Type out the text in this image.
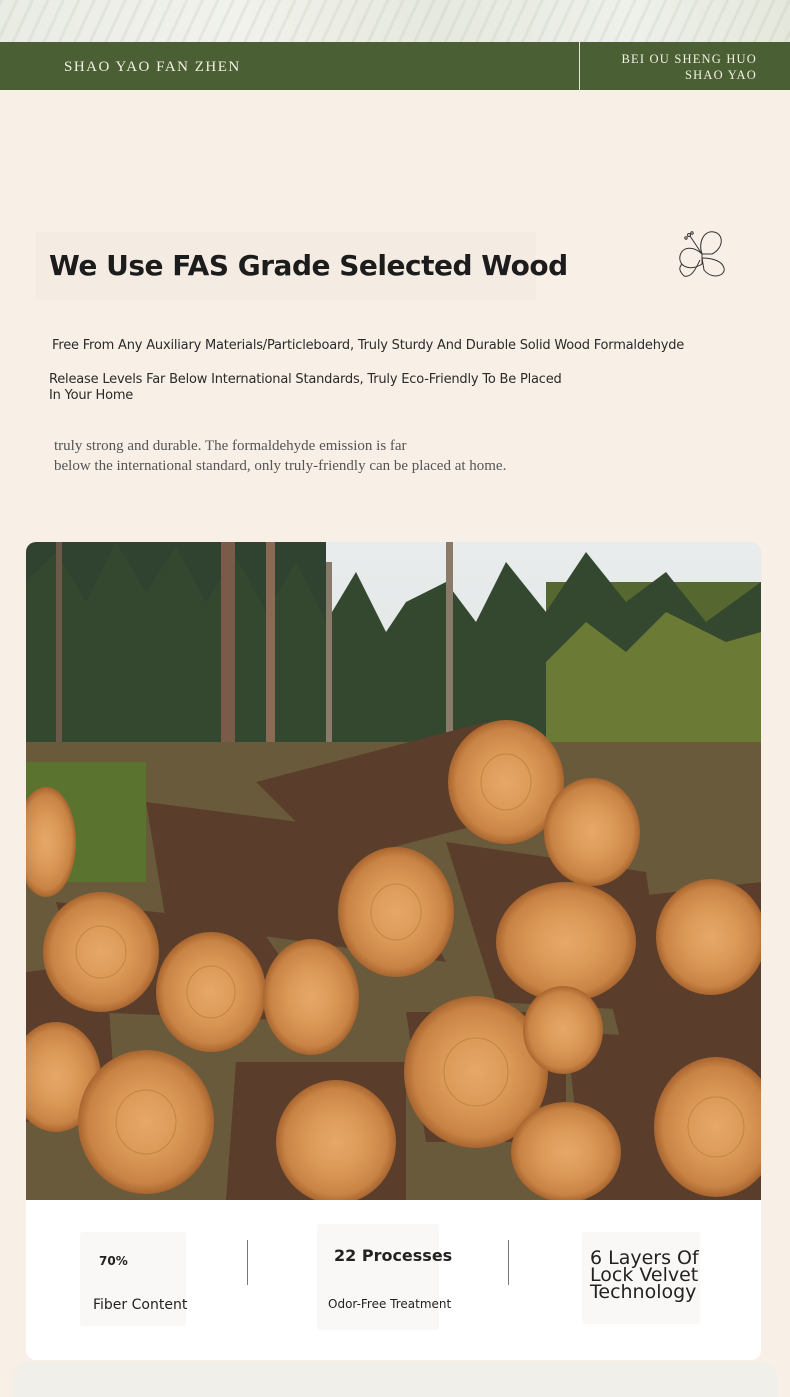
SHAO YAO FAN ZHEN	BEI OU SHENG HUO
SHAO YAO
We Use FAS Grade Selected Wood

Free From Any Auxiliary Materials/Particleboard, Truly Sturdy And Durable Solid Wood Formaldehyde

Release Levels Far Below International Standards, Truly Eco-Friendly To Be Placed In Your Home

truly strong and durable. The formaldehyde emission is far
below the international standard, only truly-friendly can be placed at home.
70%
Fiber Content
22 Processes
Odor-Free Treatment
6 Layers Of
Lock Velvet
Technology
